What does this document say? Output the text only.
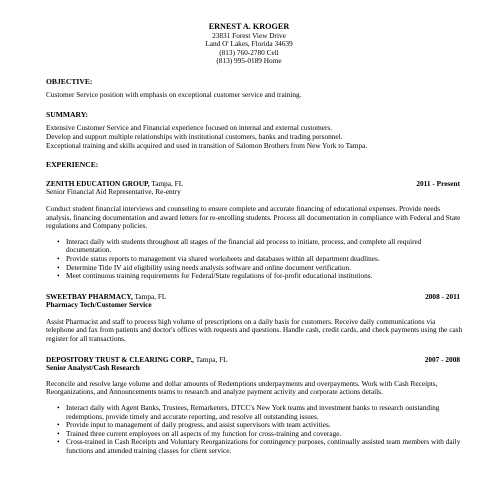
ERNEST A. KROGER
23831 Forest View Drive
Land O' Lakes, Florida 34639
(813) 760-2780 Cell
(813) 995-0189 Home
OBJECTIVE:

Customer Service position with emphasis on exceptional customer service and training.

SUMMARY:

Extensive Customer Service and Financial experience focused on internal and external customers.

Develop and support multiple relationships with institutional customers, banks and trading personnel.

Exceptional training and skills acquired and used in transition of Salomon Brothers from New York to Tampa.

EXPERIENCE:
ZENITH EDUCATION GROUP, Tampa, FL	2011 - Present
Senior Financial Aid Representative, Re-entry

Conduct student financial interviews and counseling to ensure complete and accurate financing of educational expenses. Provide needs analysis, financing documentation and award letters for re-enrolling students. Process all documentation in compliance with Federal and State regulations and Company policies.

• Interact daily with students throughout all stages of the financial aid process to initiate, process, and complete all required documentation.
• Provide status reports to management via shared worksheets and databases within all department deadlines.
• Determine Title IV aid eligibility using needs analysis software and online document verification.
• Meet continuous training requirements for Federal/State regulations of for-profit educational institutions.
SWEETBAY PHARMACY, Tampa, FL	2008 - 2011
Pharmacy Tech/Customer Service

Assist Pharmacist and staff to process high volume of prescriptions on a daily basis for customers. Receive daily communications via telephone and fax from patients and doctor's offices with requests and questions. Handle cash, credit cards, and check payments using the cash register for all transactions.

DEPOSITORY TRUST & CLEARING CORP., Tampa, FL	2007 - 2008
Senior Analyst/Cash Research

Reconcile and resolve large volume and dollar amounts of Redemptions underpayments and overpayments. Work with Cash Receipts, Reorganizations, and Announcements teams to research and analyze payment activity and corporate actions details.

• Interact daily with Agent Banks, Trustees, Remarketers, DTCC's New York teams and investment banks to research outstanding redemptions, provide timely and accurate reporting, and resolve all outstanding issues.
• Provide input to management of daily progress, and assist supervisors with team activities.
• Trained three current employees on all aspects of my function for cross-training and coverage.
• Cross-trained in Cash Receipts and Voluntary Reorganizations for contingency purposes, continually assisted team members with daily functions and attended training classes for client service.
